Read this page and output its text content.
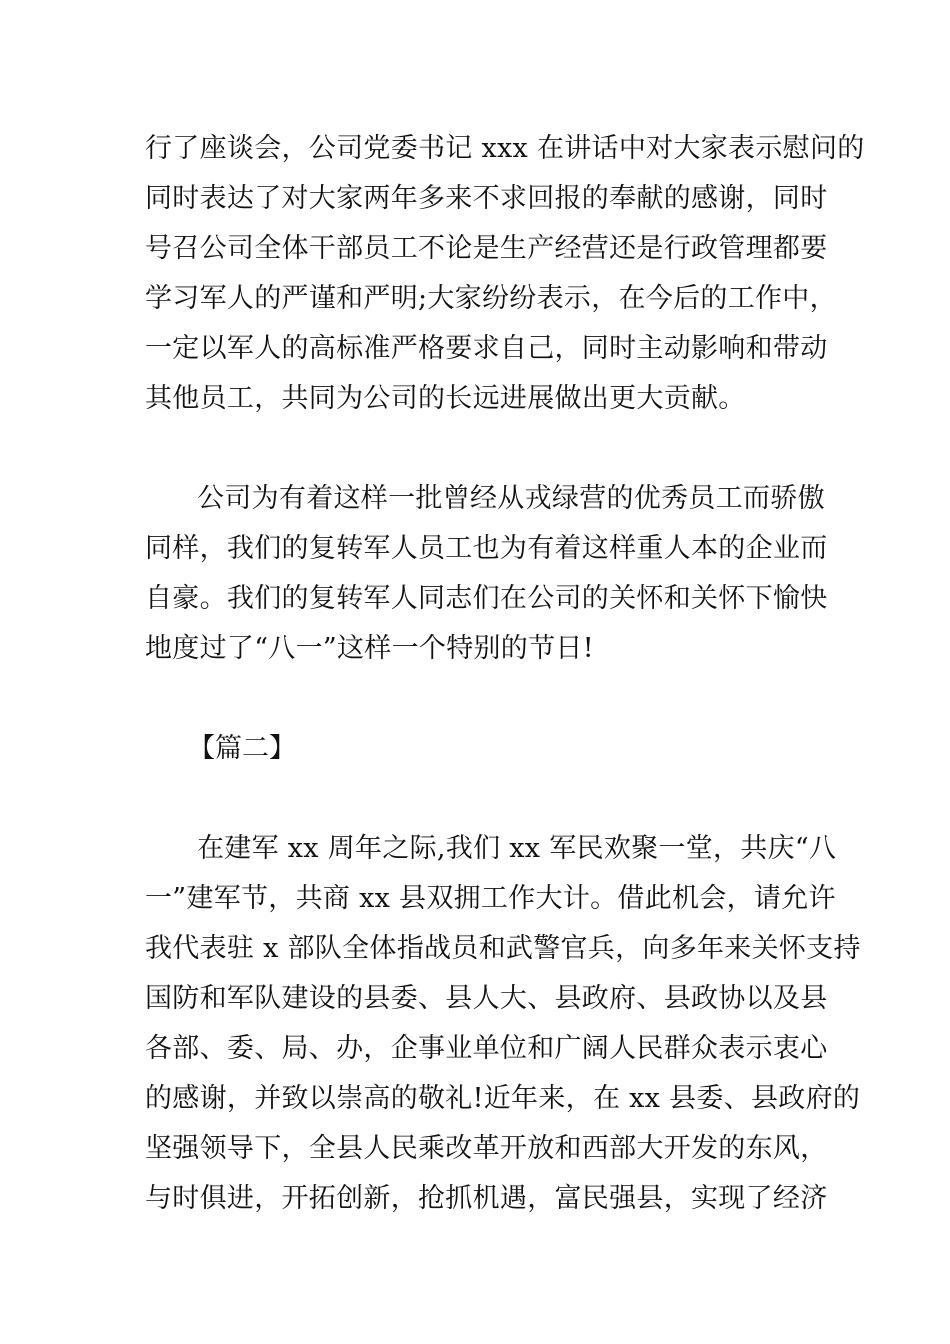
行了座谈会，公司党委书记 xxx 在讲话中对大家表示慰问的
同时表达了对大家两年多来不求回报的奉献的感谢，同时
号召公司全体干部员工不论是生产经营还是行政管理都要
学习军人的严谨和严明;大家纷纷表示，在今后的工作中，
一定以军人的高标准严格要求自己，同时主动影响和带动
其他员工，共同为公司的长远进展做出更大贡献。
公司为有着这样一批曾经从戎绿营的优秀员工而骄傲
同样，我们的复转军人员工也为有着这样重人本的企业而
自豪。我们的复转军人同志们在公司的关怀和关怀下愉快
地度过了“八一”这样一个特别的节日!
【篇二】
在建军 xx 周年之际,我们 xx 军民欢聚一堂，共庆“八
一”建军节，共商 xx 县双拥工作大计。借此机会，请允许
我代表驻 x 部队全体指战员和武警官兵，向多年来关怀支持
国防和军队建设的县委、县人大、县政府、县政协以及县
各部、委、局、办，企事业单位和广阔人民群众表示衷心
的感谢，并致以崇高的敬礼!近年来，在 xx 县委、县政府的
坚强领导下，全县人民乘改革开放和西部大开发的东风，
与时俱进，开拓创新，抢抓机遇，富民强县，实现了经济
